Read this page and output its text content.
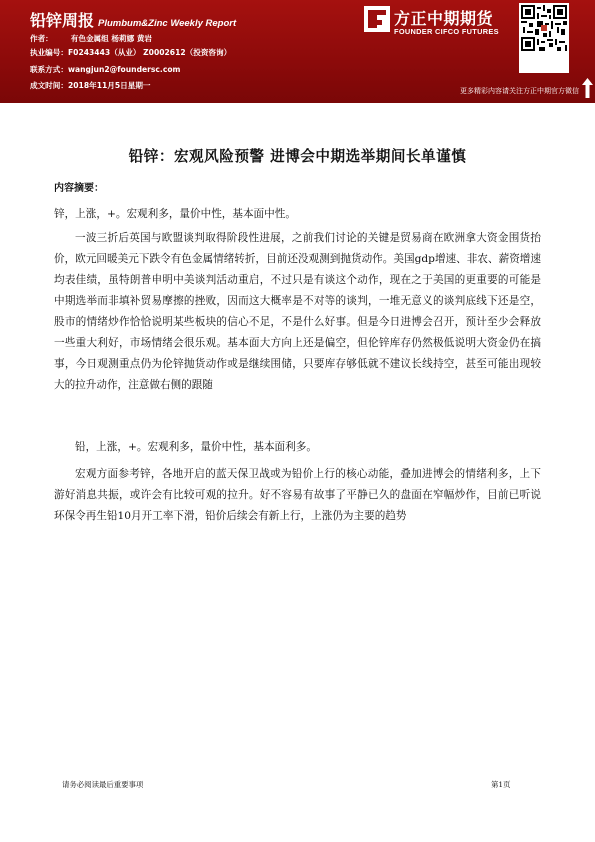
铅锌周报 Plumbum&Zinc Weekly Report
作者： 有色金属组 杨莉娜 黄岩
执业编号：F0243443（从业） Z0002612（投资咨询）
联系方式：wangjun2@foundersc.com
成文时间：2018年11月5日星期一
方正中期期货
FOUNDER CIFCO FUTURES
更多精彩内容请关注方正中期官方微信
铅锌：宏观风险预警 进博会中期选举期间长单谨慎
内容摘要：

锌，上涨，+。宏观利多，量价中性，基本面中性。

一波三折后英国与欧盟谈判取得阶段性进展，之前我们讨论的关键是贸易商在欧洲拿大资金围货抬价，欧元回暖美元下跌令有色金属情绪转折，目前还没观测到抛货动作。美国gdp增速、非农、薪资增速均表佳绩，虽特朗普申明中美谈判活动重启，不过只是有谈这个动作，现在之于美国的更重要的可能是中期选举而非填补贸易摩擦的挫败，因而这大概率是不对等的谈判，一堆无意义的谈判底线下还是空，股市的情绪炒作恰恰说明某些板块的信心不足，不是什么好事。但是今日进博会召开，预计至少会释放一些重大利好，市场情绪会很乐观。基本面大方向上还是偏空，但伦锌库存仍然极低说明大资金仍在搞事，今日观测重点仍为伦锌抛货动作或是继续围储，只要库存够低就不建议长线持空，甚至可能出现较大的拉升动作，注意做右侧的跟随

铅，上涨，+。宏观利多，量价中性，基本面利多。

宏观方面参考锌，各地开启的蓝天保卫战或为铅价上行的核心动能，叠加进博会的情绪利多，上下游好消息共振，或许会有比较可观的拉升。好不容易有故事了平静已久的盘面在窄幅炒作，目前已听说环保令再生铅10月开工率下滑，铅价后续会有新上行，上涨仍为主要的趋势

请务必阅读最后重要事项	第1页
